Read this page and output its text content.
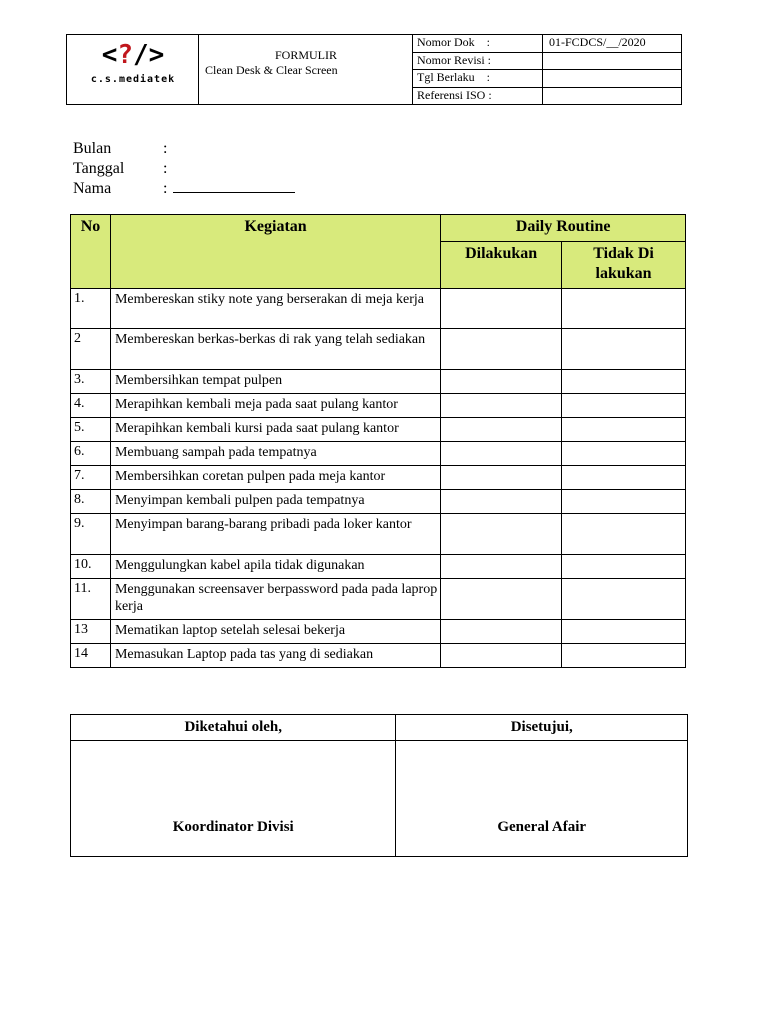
<?/>
c.s.mediatek
FORMULIR
Clean Desk & Clear Screen
Nomor Dok    :	01-FCDCS/__/2020
Nomor Revisi :	
Tgl Berlaku    :	
Referensi ISO :	
Bulan	:
Tanggal :
Nama	:
No	Kegiatan	Daily Routine	
		Dilakukan	Tidak Di lakukan
1.	Membereskan stiky note yang berserakan di meja kerja		
2	Membereskan berkas-berkas di rak yang telah sediakan		
3.	Membersihkan tempat pulpen		
4.	Merapihkan kembali meja pada saat pulang kantor		
5.	Merapihkan kembali kursi pada saat pulang kantor		
6.	Membuang sampah pada tempatnya		
7.	Membersihkan coretan pulpen pada meja kantor		
8.	Menyimpan kembali pulpen pada tempatnya		
9.	Menyimpan barang-barang pribadi pada loker kantor		
10.	Menggulungkan kabel apila tidak digunakan		
11.	Menggunakan screensaver berpassword pada pada laprop kerja		
13	Mematikan laptop setelah selesai bekerja		
14	Memasukan Laptop pada tas yang di sediakan		
Diketahui oleh,	Disetujui,
Koordinator Divisi	General Afair
